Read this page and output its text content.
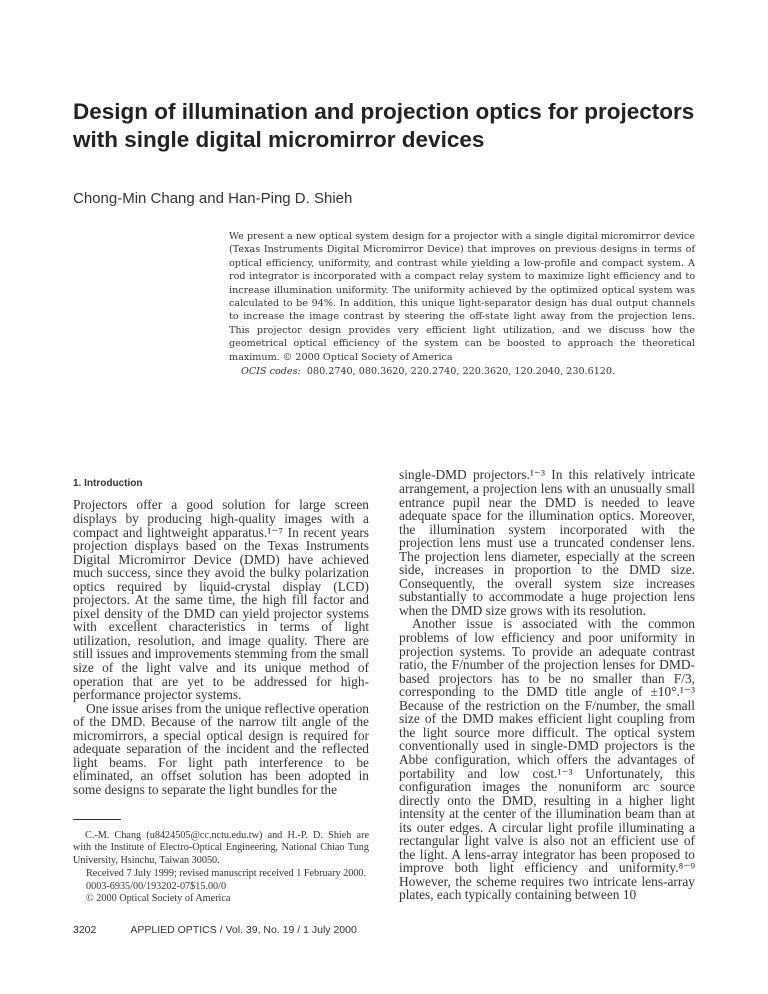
Design of illumination and projection optics for projectors with single digital micromirror devices
Chong-Min Chang and Han-Ping D. Shieh
We present a new optical system design for a projector with a single digital micromirror device (Texas Instruments Digital Micromirror Device) that improves on previous designs in terms of optical efficiency, uniformity, and contrast while yielding a low-profile and compact system. A rod integrator is incorporated with a compact relay system to maximize light efficiency and to increase illumination uniformity. The uniformity achieved by the optimized optical system was calculated to be 94%. In addition, this unique light-separator design has dual output channels to increase the image contrast by steering the off-state light away from the projection lens. This projector design provides very efficient light utilization, and we discuss how the geometrical optical efficiency of the system can be boosted to approach the theoretical maximum. © 2000 Optical Society of America
OCIS codes: 080.2740, 080.3620, 220.2740, 220.3620, 120.2040, 230.6120.
1. Introduction

Projectors offer a good solution for large screen displays by producing high-quality images with a compact and lightweight apparatus.¹⁻⁷ In recent years projection displays based on the Texas Instruments Digital Micromirror Device (DMD) have achieved much success, since they avoid the bulky polarization optics required by liquid-crystal display (LCD) projectors. At the same time, the high fill factor and pixel density of the DMD can yield projector systems with excellent characteristics in terms of light utilization, resolution, and image quality. There are still issues and improvements stemming from the small size of the light valve and its unique method of operation that are yet to be addressed for high-performance projector systems.

One issue arises from the unique reflective operation of the DMD. Because of the narrow tilt angle of the micromirrors, a special optical design is required for adequate separation of the incident and the reflected light beams. For light path interference to be eliminated, an offset solution has been adopted in some designs to separate the light bundles for the

C.-M. Chang (u8424505@cc.nctu.edu.tw) and H.-P. D. Shieh are with the Institute of Electro-Optical Engineering, National Chiao Tung University, Hsinchu, Taiwan 30050.

Received 7 July 1999; revised manuscript received 1 February 2000.

0003-6935/00/193202-07$15.00/0

© 2000 Optical Society of America

single-DMD projectors.¹⁻³ In this relatively intricate arrangement, a projection lens with an unusually small entrance pupil near the DMD is needed to leave adequate space for the illumination optics. Moreover, the illumination system incorporated with the projection lens must use a truncated condenser lens. The projection lens diameter, especially at the screen side, increases in proportion to the DMD size. Consequently, the overall system size increases substantially to accommodate a huge projection lens when the DMD size grows with its resolution.

Another issue is associated with the common problems of low efficiency and poor uniformity in projection systems. To provide an adequate contrast ratio, the F/number of the projection lenses for DMD-based projectors has to be no smaller than F/3, corresponding to the DMD title angle of ±10°.¹⁻³ Because of the restriction on the F/number, the small size of the DMD makes efficient light coupling from the light source more difficult. The optical system conventionally used in single-DMD projectors is the Abbe configuration, which offers the advantages of portability and low cost.¹⁻³ Unfortunately, this configuration images the nonuniform arc source directly onto the DMD, resulting in a higher light intensity at the center of the illumination beam than at its outer edges. A circular light profile illuminating a rectangular light valve is also not an efficient use of the light. A lens-array integrator has been proposed to improve both light efficiency and uniformity.⁸⁻⁹ However, the scheme requires two intricate lens-array plates, each typically containing between 10

3202	APPLIED OPTICS / Vol. 39, No. 19 / 1 July 2000
